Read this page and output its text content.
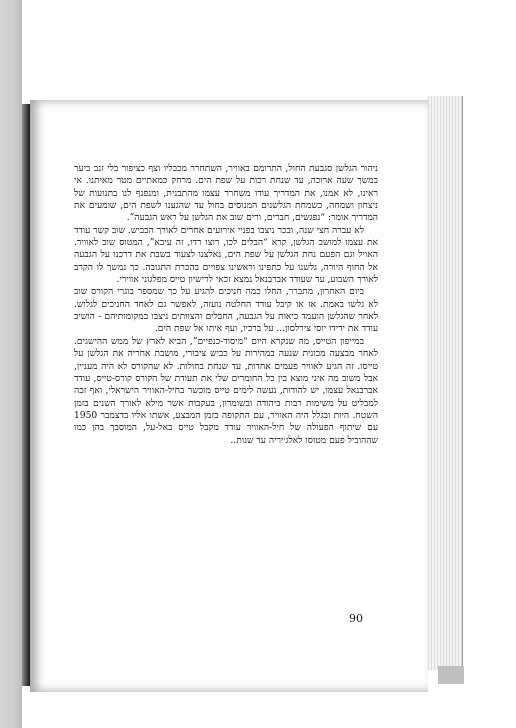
ניהור הגלשן סגבעת החול, התרומם באוויר, השתחרר מכבליו וצף כציפור בלי זנב ביער במשך שעה ארוכה, עד שנחת רכות על שפת הים. מרחק כמאתיים מטר מאיתנו. אי ראינו, לא אמנו, את המדריך עודו משחרר עצמו מהתבנית, ומנפנף לנו בתנועות של ניצחון ושמחה, כשמחת הגלשנים המנוסים בחול עד שהגענו לשפת הים, שומעים את המדריך אומר: “נפגשים, חברים, ורים שוב את הגלשן על ראש הגבעה”.

לא עברה חצי שנה, ובכר ניצבו בפניי אירועים אחרים לאורך הכביש. שוב קשר עודד את עצמו למושב הגלשן, קרא “הבלים לכו, רוצו רדו, זה עיבא”, המטוס שוב לאוויר. האויל וגם הפעם נחת הגלשן על שפת הים, נאלצנו לצעוד בשבת את דרכנו על הגבעה אל החוף היורה, גלשנו על כתפינו וראשינו צפויים בהכרת התגובה. כך נמשך לו הקרב לאורך השבוע, עד שעודד אברבנאל נמצא זכאי לרישיון טייס מפלגוני אווירי.

ביום האחרון, מתברר, החלו כמה חניכים להגיע על כך שמספר בוגרי הקורס שוב לא גלשו באמת. אז או קיבל עודד החלטה נועזה, לאפשר גם לאחד החניכים לגלוש. לאחר שהגלשן הועמד כיאות על הגבעה, החבלים והצוותים ניצבו במקומותיהם - הושיב עודד את ידידו יוסי צירלסון... על ברכיו, ועף איתו אל שפת הים.

במייפון הטייס, מה שנקרא היום “מיסוד-כנפיים”, הביא לארץ של ממש ההישגים. לאחר מבצעה מכונית שנעה במהירות על כביש ציבורי, מושבת אחריה את הגלשן על טייסו. זה הגיע לאוויר פעמים אחדות, עד שנחת בחולות. לא שהקורס לא היה מעניין, אבל משוב מה איני מוצא בין כל החומרים שלי את תעודת של הקורס קורס-טייס, עודד אברבנאל עצמו, יש להודות, נעשה לימים טייס מוכשר בחיל-האוויר הישראלי, ואף זכה למבליט על משימות רבות ביהודה ובשומרון, בעקבות אשר מילא לאורך השנים בזמן השטח. היות ובגלל היה האוויר, עם התקופה בזמן המבצע, אשתו אליו בדצמבר 1950 עם שיתוף הפעולה של חיל-האוויר עודד מקבל טייס באל-על, המוסבך בהן כמו שההוביל פעם מטוסו לאלג׳יריה עד שנות..

90
